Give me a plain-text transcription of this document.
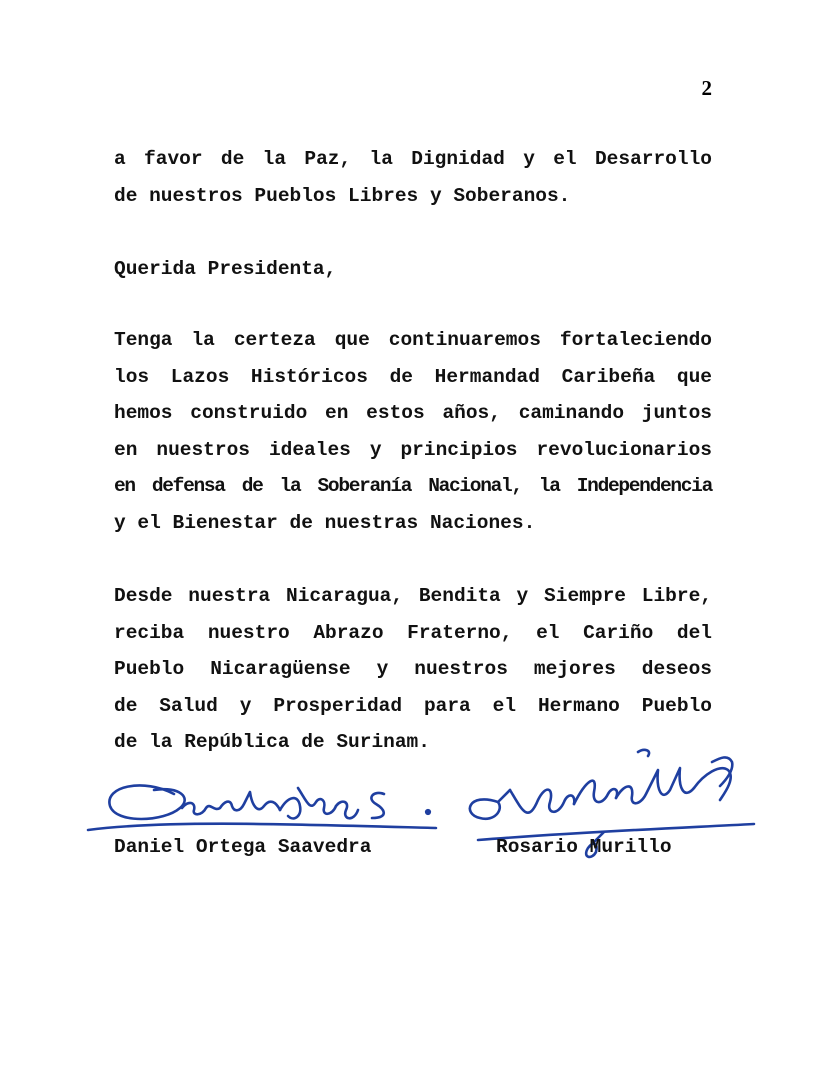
2
a favor de la Paz, la Dignidad y el Desarrollo
de nuestros Pueblos Libres y Soberanos.
Querida Presidenta,
Tenga la certeza que continuaremos fortaleciendo
los Lazos Históricos de Hermandad Caribeña que
hemos construido en estos años, caminando juntos
en nuestros ideales y principios revolucionarios
en defensa de la Soberanía Nacional, la Independencia
y el Bienestar de nuestras Naciones.
Desde nuestra Nicaragua, Bendita y Siempre Libre,
reciba nuestro Abrazo Fraterno, el Cariño del
Pueblo Nicaragüense y nuestros mejores deseos
de Salud y Prosperidad para el Hermano Pueblo
de la República de Surinam.
Daniel Ortega Saavedra	Rosario Murillo
